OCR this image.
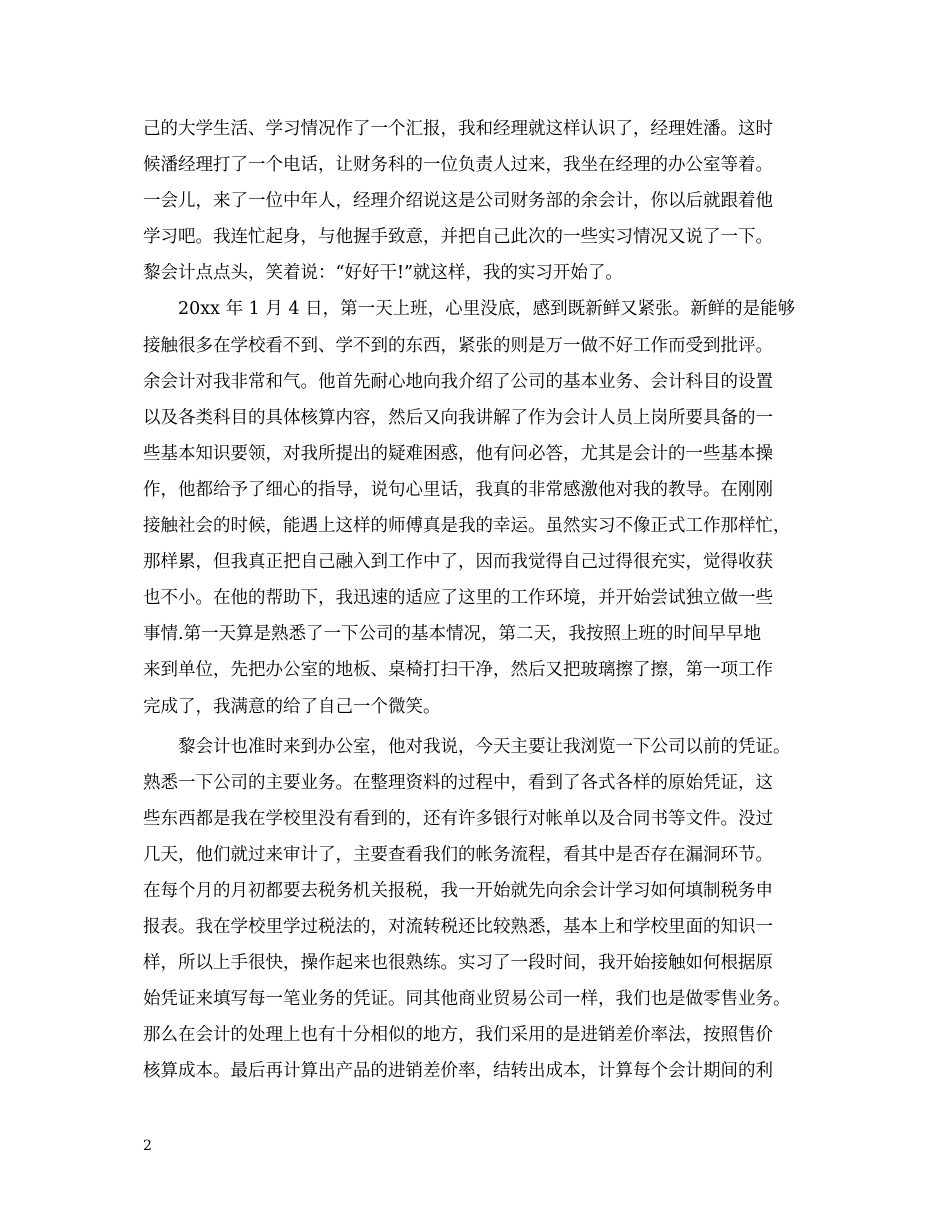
己的大学生活、学习情况作了一个汇报，我和经理就这样认识了，经理姓潘。这时
候潘经理打了一个电话，让财务科的一位负责人过来，我坐在经理的办公室等着。
一会儿，来了一位中年人，经理介绍说这是公司财务部的余会计，你以后就跟着他
学习吧。我连忙起身，与他握手致意，并把自己此次的一些实习情况又说了一下。
黎会计点点头，笑着说：“好好干!”就这样，我的实习开始了。
20xx 年 1 月 4 日，第一天上班，心里没底，感到既新鲜又紧张。新鲜的是能够
接触很多在学校看不到、学不到的东西，紧张的则是万一做不好工作而受到批评。
余会计对我非常和气。他首先耐心地向我介绍了公司的基本业务、会计科目的设置
以及各类科目的具体核算内容，然后又向我讲解了作为会计人员上岗所要具备的一
些基本知识要领，对我所提出的疑难困惑，他有问必答，尤其是会计的一些基本操
作，他都给予了细心的指导，说句心里话，我真的非常感激他对我的教导。在刚刚
接触社会的时候，能遇上这样的师傅真是我的幸运。虽然实习不像正式工作那样忙，
那样累，但我真正把自己融入到工作中了，因而我觉得自己过得很充实，觉得收获
也不小。在他的帮助下，我迅速的适应了这里的工作环境，并开始尝试独立做一些
事情.第一天算是熟悉了一下公司的基本情况，第二天，我按照上班的时间早早地
来到单位，先把办公室的地板、桌椅打扫干净，然后又把玻璃擦了擦，第一项工作
完成了，我满意的给了自己一个微笑。
黎会计也准时来到办公室，他对我说，今天主要让我浏览一下公司以前的凭证。
熟悉一下公司的主要业务。在整理资料的过程中，看到了各式各样的原始凭证，这
些东西都是我在学校里没有看到的，还有许多银行对帐单以及合同书等文件。没过
几天，他们就过来审计了，主要查看我们的帐务流程，看其中是否存在漏洞环节。
在每个月的月初都要去税务机关报税，我一开始就先向余会计学习如何填制税务申
报表。我在学校里学过税法的，对流转税还比较熟悉，基本上和学校里面的知识一
样，所以上手很快，操作起来也很熟练。实习了一段时间，我开始接触如何根据原
始凭证来填写每一笔业务的凭证。同其他商业贸易公司一样，我们也是做零售业务。
那么在会计的处理上也有十分相似的地方，我们采用的是进销差价率法，按照售价
核算成本。最后再计算出产品的进销差价率，结转出成本，计算每个会计期间的利
2
